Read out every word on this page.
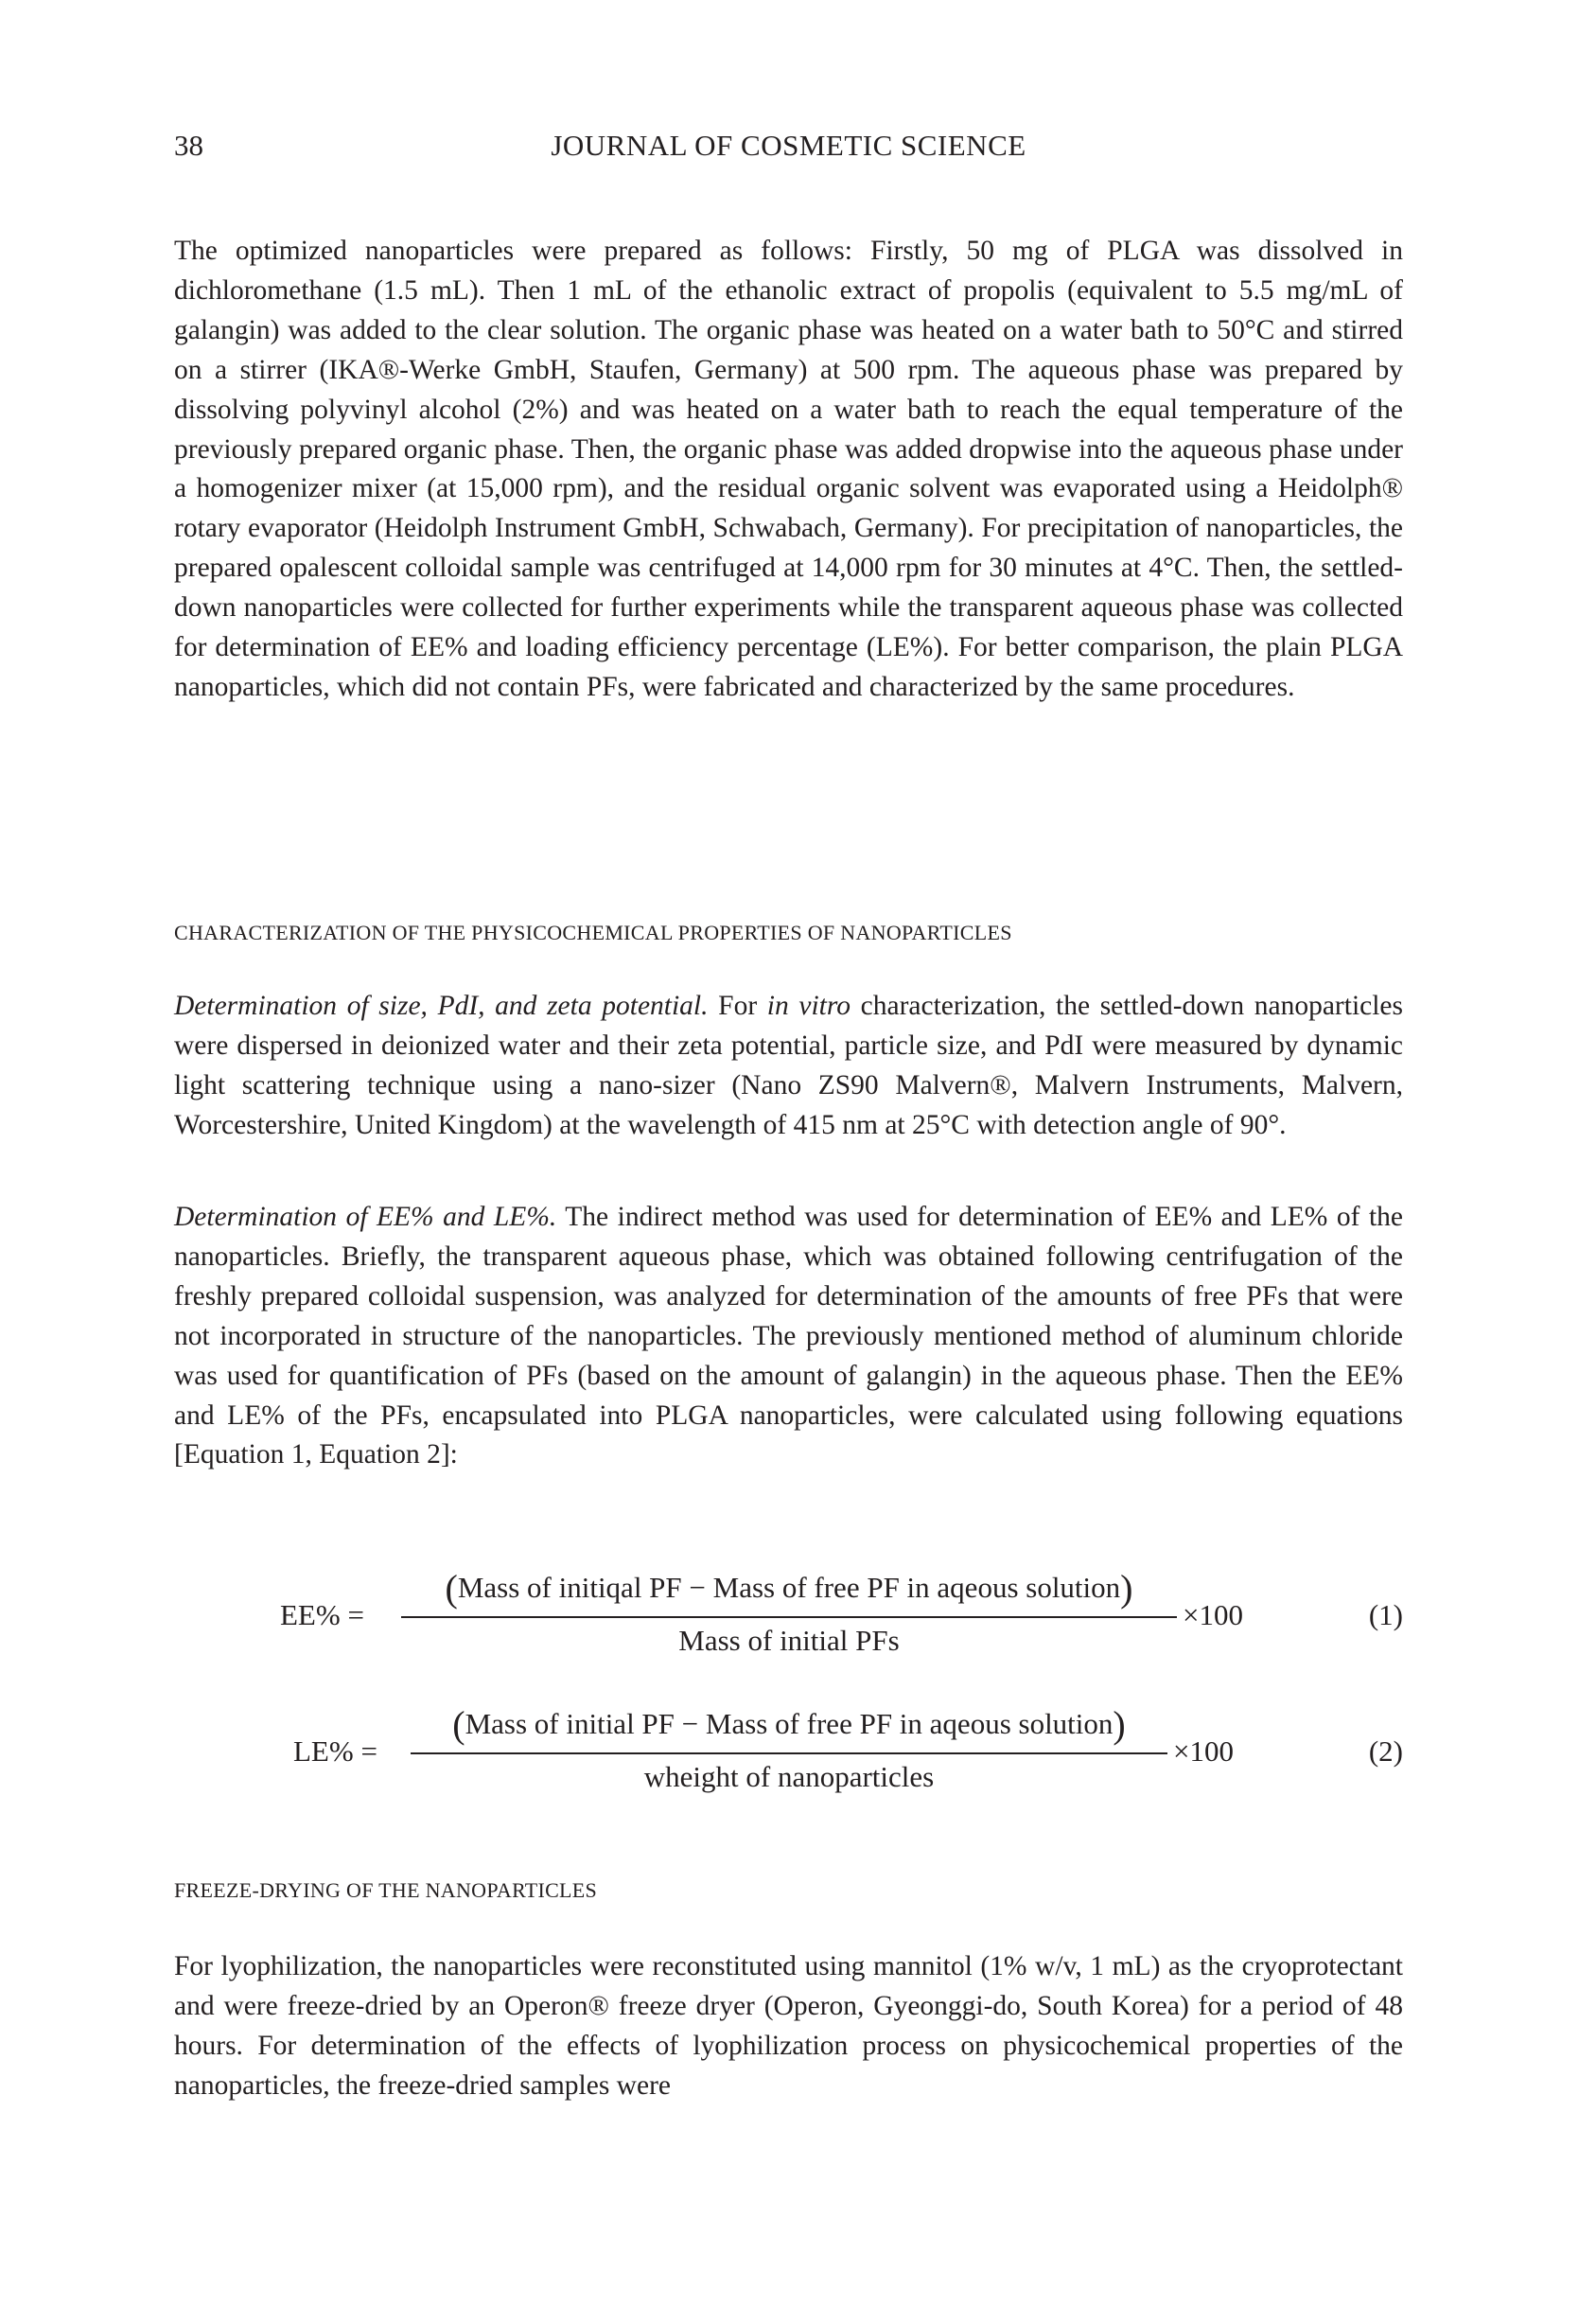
38	JOURNAL OF COSMETIC SCIENCE

The optimized nanoparticles were prepared as follows: Firstly, 50 mg of PLGA was dissolved in dichloromethane (1.5 mL). Then 1 mL of the ethanolic extract of propolis (equivalent to 5.5 mg/mL of galangin) was added to the clear solution. The organic phase was heated on a water bath to 50°C and stirred on a stirrer (IKA®-Werke GmbH, Staufen, Germany) at 500 rpm. The aqueous phase was prepared by dissolving polyvinyl alcohol (2%) and was heated on a water bath to reach the equal temperature of the previously prepared organic phase. Then, the organic phase was added dropwise into the aqueous phase under a homogenizer mixer (at 15,000 rpm), and the residual organic solvent was evaporated using a Heidolph® rotary evaporator (Heidolph Instrument GmbH, Schwabach, Germany). For precipitation of nanoparticles, the prepared opalescent colloidal sample was centrifuged at 14,000 rpm for 30 minutes at 4°C. Then, the settled-down nanoparticles were collected for further experiments while the transparent aqueous phase was collected for determination of EE% and loading efficiency percentage (LE%). For better comparison, the plain PLGA nanoparticles, which did not contain PFs, were fabricated and characterized by the same procedures.

CHARACTERIZATION OF THE PHYSICOCHEMICAL PROPERTIES OF NANOPARTICLES

Determination of size, PdI, and zeta potential. For in vitro characterization, the settled-down nanoparticles were dispersed in deionized water and their zeta potential, particle size, and PdI were measured by dynamic light scattering technique using a nano-sizer (Nano ZS90 Malvern®, Malvern Instruments, Malvern, Worcestershire, United Kingdom) at the wavelength of 415 nm at 25°C with detection angle of 90°.

Determination of EE% and LE%. The indirect method was used for determination of EE% and LE% of the nanoparticles. Briefly, the transparent aqueous phase, which was obtained following centrifugation of the freshly prepared colloidal suspension, was analyzed for determination of the amounts of free PFs that were not incorporated in structure of the nanoparticles. The previously mentioned method of aluminum chloride was used for quantification of PFs (based on the amount of galangin) in the aqueous phase. Then the EE% and LE% of the PFs, encapsulated into PLGA nanoparticles, were calculated using following equations [Equation 1, Equation 2]:

EE% =
(Mass of initiqal PF − Mass of free PF in aqeous solution)
Mass of initial PFs
×100	(1)
LE% =
(Mass of initial PF − Mass of free PF in aqeous solution)
wheight of nanoparticles
×100	(2)
FREEZE-DRYING OF THE NANOPARTICLES

For lyophilization, the nanoparticles were reconstituted using mannitol (1% w/v, 1 mL) as the cryoprotectant and were freeze-dried by an Operon® freeze dryer (Operon, Gyeonggi-do, South Korea) for a period of 48 hours. For determination of the effects of lyophilization process on physicochemical properties of the nanoparticles, the freeze-dried samples were
